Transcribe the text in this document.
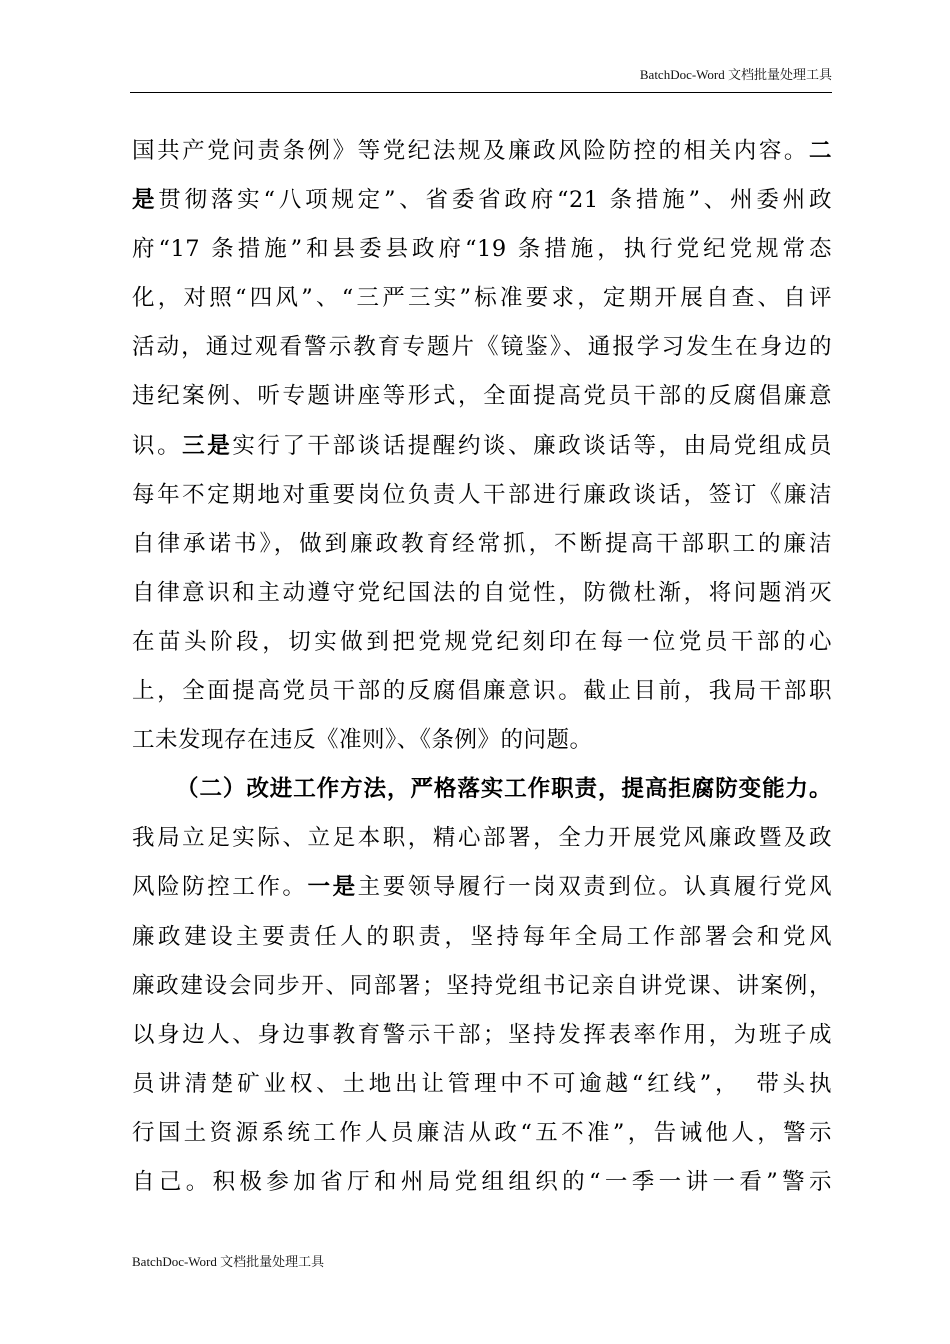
BatchDoc-Word 文档批量处理工具
国共产党问责条例》等党纪法规及廉政风险防控的相关内容。二
是贯彻落实“八项规定”、省委省政府“21 条措施”、州委州政
府“17 条措施”和县委县政府“19 条措施，执行党纪党规常态
化，对照“四风”、“三严三实”标准要求，定期开展自查、自评
活动，通过观看警示教育专题片《镜鉴》、通报学习发生在身边的
违纪案例、听专题讲座等形式，全面提高党员干部的反腐倡廉意
识。三是实行了干部谈话提醒约谈、廉政谈话等，由局党组成员
每年不定期地对重要岗位负责人干部进行廉政谈话，签订《廉洁
自律承诺书》，做到廉政教育经常抓，不断提高干部职工的廉洁
自律意识和主动遵守党纪国法的自觉性，防微杜渐，将问题消灭
在苗头阶段，切实做到把党规党纪刻印在每一位党员干部的心
上，全面提高党员干部的反腐倡廉意识。截止目前，我局干部职
工未发现存在违反《准则》、《条例》的问题。
（二）改进工作方法，严格落实工作职责，提高拒腐防变能力。
我局立足实际、立足本职，精心部署，全力开展党风廉政暨及政
风险防控工作。一是主要领导履行一岗双责到位。认真履行党风
廉政建设主要责任人的职责，坚持每年全局工作部署会和党风
廉政建设会同步开、同部署；坚持党组书记亲自讲党课、讲案例，
以身边人、身边事教育警示干部；坚持发挥表率作用，为班子成
员讲清楚矿业权、土地出让管理中不可逾越“红线”，　带头执
行国土资源系统工作人员廉洁从政“五不准”，告诫他人，警示
自己。积极参加省厅和州局党组组织的“一季一讲一看”警示
BatchDoc-Word 文档批量处理工具
